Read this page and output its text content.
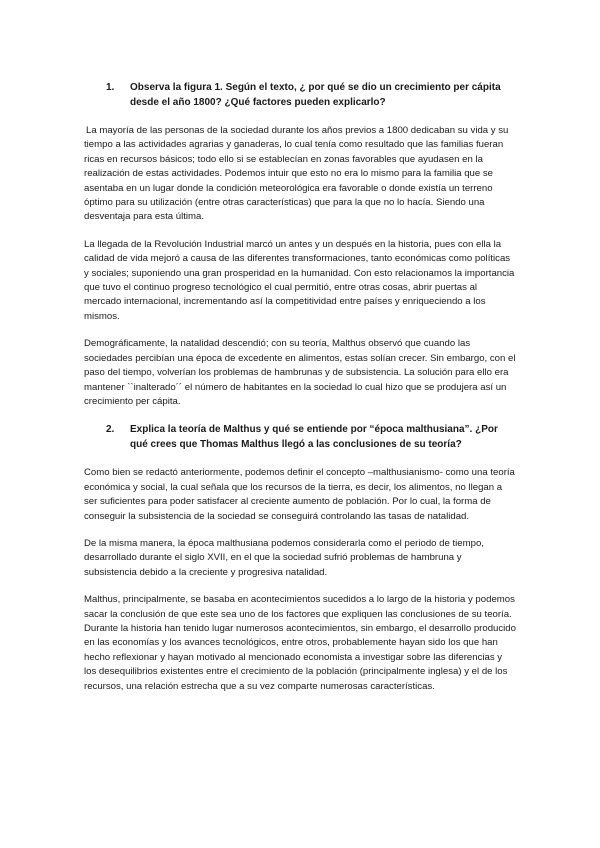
1.	Observa la figura 1. Según el texto, ¿ por qué se dio un crecimiento per cápita desde el año 1800? ¿Qué factores pueden explicarlo?

La mayoría de las personas de la sociedad durante los años previos a 1800 dedicaban su vida y su tiempo a las actividades agrarias y ganaderas, lo cual tenía como resultado que las familias fueran ricas en recursos básicos; todo ello si se establecían en zonas favorables que ayudasen en la realización de estas actividades. Podemos intuir que esto no era lo mismo para la familia que se asentaba en un lugar donde la condición meteorológica era favorable o donde existía un terreno óptimo para su utilización (entre otras características) que para la que no lo hacía. Siendo una desventaja para esta última.

La llegada de la Revolución Industrial marcó un antes y un después en la historia, pues con ella la calidad de vida mejoró a causa de las diferentes transformaciones, tanto económicas como políticas y sociales; suponiendo una gran prosperidad en la humanidad. Con esto relacionamos la importancia que tuvo el continuo progreso tecnológico el cual permitió, entre otras cosas, abrir puertas al mercado internacional, incrementando así la competitividad entre países y enriqueciendo a los mismos.

Demográficamente, la natalidad descendió; con su teoría, Malthus observó que cuando las sociedades percibían una época de excedente en alimentos, estas solían crecer. Sin embargo, con el paso del tiempo, volverían los problemas de hambrunas y de subsistencia. La solución para ello era mantener ``inalterado´´ el número de habitantes en la sociedad lo cual hizo que se produjera así un crecimiento per cápita.

2.	Explica la teoría de Malthus y qué se entiende por “época malthusiana”. ¿Por qué crees que Thomas Malthus llegó a las conclusiones de su teoría?

Como bien se redactó anteriormente, podemos definir el concepto –malthusianismo- como una teoría económica y social, la cual señala que los recursos de la tierra, es decir, los alimentos, no llegan a ser suficientes para poder satisfacer al creciente aumento de población. Por lo cual, la forma de conseguir la subsistencia de la sociedad se conseguirá controlando las tasas de natalidad.

De la misma manera, la época malthusiana podemos considerarla como el periodo de tiempo, desarrollado durante el siglo XVII, en el que la sociedad sufrió problemas de hambruna y subsistencia debido a la creciente y progresiva natalidad.

Malthus, principalmente, se basaba en acontecimientos sucedidos a lo largo de la historia y podemos sacar la conclusión de que este sea uno de los factores que expliquen las conclusiones de su teoría. Durante la historia han tenido lugar numerosos acontecimientos, sin embargo, el desarrollo producido en las economías y los avances tecnológicos, entre otros, probablemente hayan sido los que han hecho reflexionar y hayan motivado al mencionado economista a investigar sobre las diferencias y los desequilibrios existentes entre el crecimiento de la población (principalmente inglesa) y el de los recursos, una relación estrecha que a su vez comparte numerosas características.
